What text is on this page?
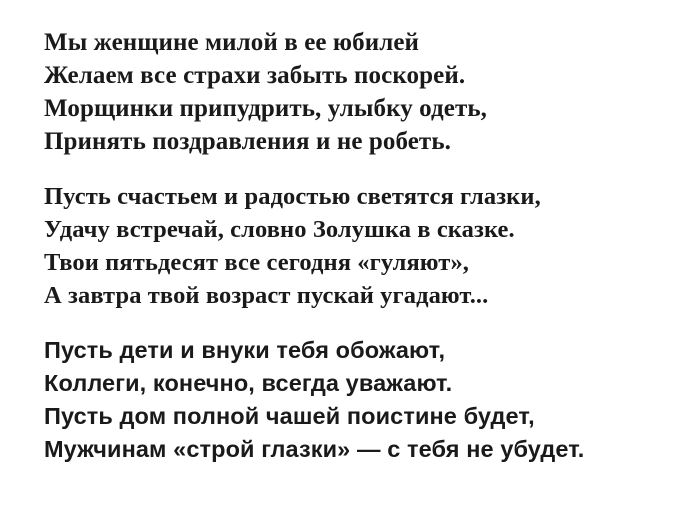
Мы женщине милой в ее юбилей
Желаем все страхи забыть поскорей.
Морщинки припудрить, улыбку одеть,
Принять поздравления и не робеть.
Пусть счастьем и радостью светятся глазки,
Удачу встречай, словно Золушка в сказке.
Твои пятьдесят все сегодня «гуляют»,
А завтра твой возраст пускай угадают...
Пусть дети и внуки тебя обожают,
Коллеги, конечно, всегда уважают.
Пусть дом полной чашей поистине будет,
Мужчинам «строй глазки» — с тебя не убудет.
